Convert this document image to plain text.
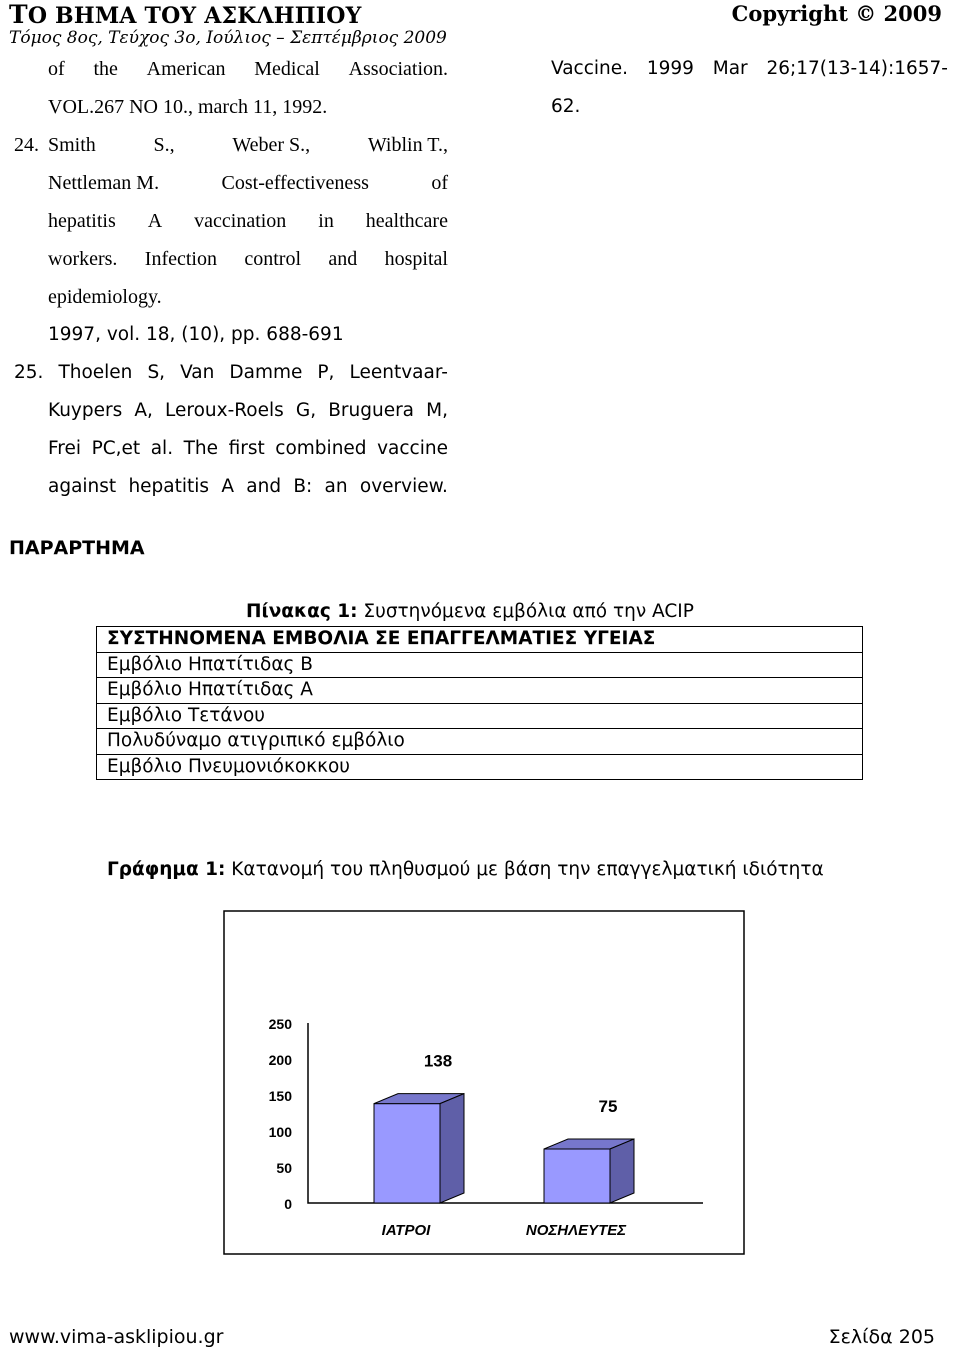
ΤΟ ΒΗΜΑ ΤΟΥ ΑΣΚΛΗΠΙΟΥ	Copyright © 2009
Τόμος 8ος, Τεύχος 3ο, Ιούλιος – Σεπτέμβριος 2009
of the American Medical Association.
VOL.267 NO 10., march 11, 1992.
24. Smith	S.,	Weber S.,	Wiblin T.,
Nettleman M.	Cost-effectiveness	of
hepatitis A vaccination in healthcare
workers. Infection control and hospital
epidemiology.
1997, vol. 18, (10), pp. 688-691
25. Thoelen S, Van Damme P, Leentvaar-
Kuypers A, Leroux-Roels G, Bruguera M,
Frei PC,et al. The first combined vaccine
against hepatitis A and B: an overview.
Vaccine. 1999 Mar 26;17(13-14):1657-
62.
ΠΑΡΑΡΤΗΜΑ
Πίνακας 1: Συστηνόμενα εμβόλια από την ACIP
ΣΥΣΤΗΝΟΜΕΝΑ ΕΜΒΟΛΙΑ ΣΕ ΕΠΑΓΓΕΛΜΑΤΙΕΣ ΥΓΕΙΑΣ
Εμβόλιο Ηπατίτιδας Β
Εμβόλιο Ηπατίτιδας Α
Εμβόλιο Τετάνου
Πολυδύναμο ατιγριπικό εμβόλιο
Εμβόλιο Πνευμονιόκοκκου
Γράφημα 1: Κατανομή του πληθυσμού με βάση την επαγγελματική ιδιότητα
0
50
100
150
200
250
138
ΙΑΤΡΟΙ
75
ΝΟΣΗΛΕΥΤΕΣ
www.vima-asklipiou.gr	Σελίδα 205
